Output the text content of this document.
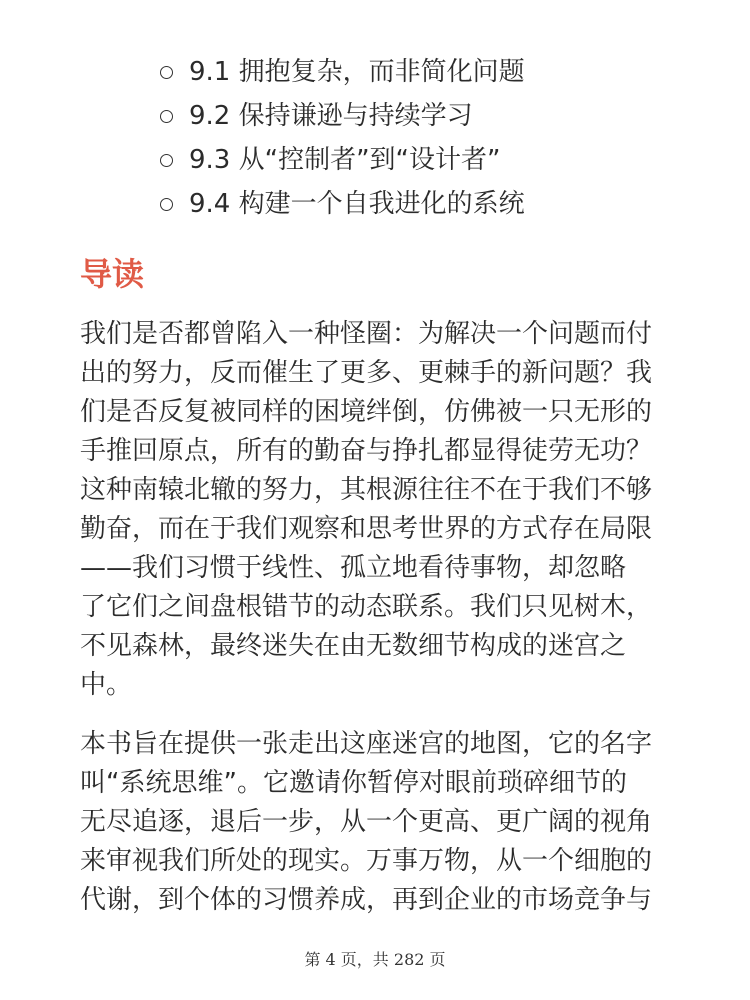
9.1 拥抱复杂，而非简化问题
9.2 保持谦逊与持续学习
9.3 从“控制者”到“设计者”
9.4 构建一个自我进化的系统
导读

我们是否都曾陷入一种怪圈：为解决一个问题而付
出的努力，反而催生了更多、更棘手的新问题？我
们是否反复被同样的困境绊倒，仿佛被一只无形的
手推回原点，所有的勤奋与挣扎都显得徒劳无功？
这种南辕北辙的努力，其根源往往不在于我们不够
勤奋，而在于我们观察和思考世界的方式存在局限
——我们习惯于线性、孤立地看待事物，却忽略
了它们之间盘根错节的动态联系。我们只见树木，
不见森林，最终迷失在由无数细节构成的迷宫之
中。

本书旨在提供一张走出这座迷宫的地图，它的名字
叫“系统思维”。它邀请你暂停对眼前琐碎细节的
无尽追逐，退后一步，从一个更高、更广阔的视角
来审视我们所处的现实。万事万物，从一个细胞的
代谢，到个体的习惯养成，再到企业的市场竞争与

第 4 页，共 282 页
